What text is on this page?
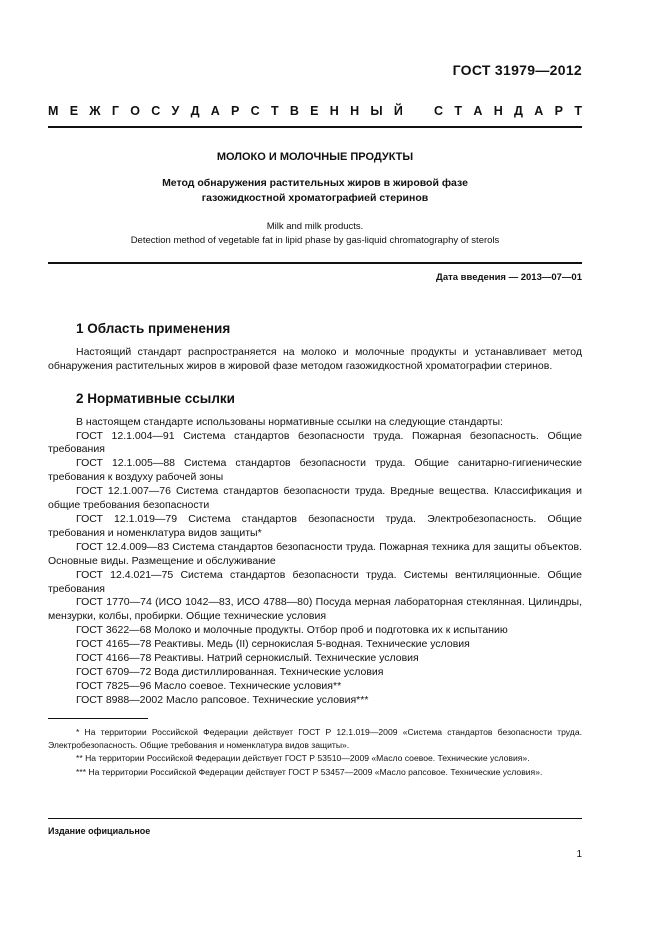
ГОСТ 31979—2012
М Е Ж Г О С У Д А Р С Т В Е Н Н Ы Й С Т А Н Д А Р Т
МОЛОКО И МОЛОЧНЫЕ ПРОДУКТЫ
Метод обнаружения растительных жиров в жировой фазе
газожидкостной хроматографией стеринов
Milk and milk products.
Detection method of vegetable fat in lipid phase by gas-liquid chromatography of sterols
Дата введения — 2013—07—01
1 Область применения

Настоящий стандарт распространяется на молоко и молочные продукты и устанавливает метод обнаружения растительных жиров в жировой фазе методом газожидкостной хроматографии стеринов.

2 Нормативные ссылки

В настоящем стандарте использованы нормативные ссылки на следующие стандарты:

ГОСТ 12.1.004—91 Система стандартов безопасности труда. Пожарная безопасность. Общие требования

ГОСТ 12.1.005—88 Система стандартов безопасности труда. Общие санитарно-гигиенические требования к воздуху рабочей зоны

ГОСТ 12.1.007—76 Система стандартов безопасности труда. Вредные вещества. Классификация и общие требования безопасности

ГОСТ 12.1.019—79 Система стандартов безопасности труда. Электробезопасность. Общие требования и номенклатура видов защиты*

ГОСТ 12.4.009—83 Система стандартов безопасности труда. Пожарная техника для защиты объектов. Основные виды. Размещение и обслуживание

ГОСТ 12.4.021—75 Система стандартов безопасности труда. Системы вентиляционные. Общие требования

ГОСТ 1770—74 (ИСО 1042—83, ИСО 4788—80) Посуда мерная лабораторная стеклянная. Цилиндры, мензурки, колбы, пробирки. Общие технические условия

ГОСТ 3622—68 Молоко и молочные продукты. Отбор проб и подготовка их к испытанию

ГОСТ 4165—78 Реактивы. Медь (II) сернокислая 5-водная. Технические условия

ГОСТ 4166—78 Реактивы. Натрий сернокислый. Технические условия

ГОСТ 6709—72 Вода дистиллированная. Технические условия

ГОСТ 7825—96 Масло соевое. Технические условия**

ГОСТ 8988—2002 Масло рапсовое. Технические условия***

* На территории Российской Федерации действует ГОСТ Р 12.1.019—2009 «Система стандартов безопасности труда. Электробезопасность. Общие требования и номенклатура видов защиты».

** На территории Российской Федерации действует ГОСТ Р 53510—2009 «Масло соевое. Технические условия».

*** На территории Российской Федерации действует ГОСТ Р 53457—2009 «Масло рапсовое. Технические условия».

Издание официальное
1
